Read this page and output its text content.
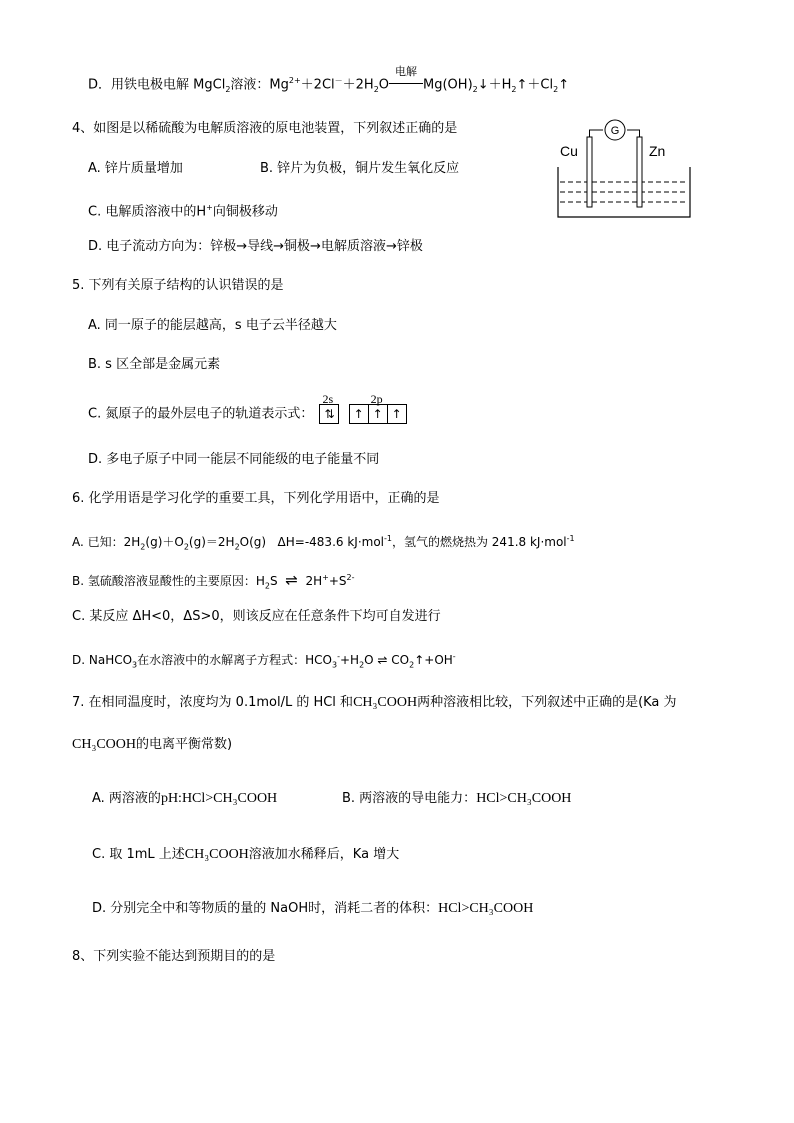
D．用铁电极电解 MgCl$_2$溶液：$Mg^{2+}+2Cl^-+2H_2O$
电解
$Mg(OH)_2↓+H_2↑+Cl_2↑$
4、如图是以稀硫酸为电解质溶液的原电池装置，下列叙述正确的是
A. 锌片质量增加	B. 锌片为负极，铜片发生氧化反应
C. 电解质溶液中的H+向铜极移动
D. 电子流动方向为：锌极→导线→铜极→电解质溶液→锌极
G
Cu	Zn
5. 下列有关原子结构的认识错误的是
A. 同一原子的能层越高，s 电子云半径越大
B. s 区全部是金属元素
C. 氮原子的最外层电子的轨道表示式：
2s
⇅
2p
↑ ↑ ↑
D. 多电子原子中同一能层不同能级的电子能量不同
6. 化学用语是学习化学的重要工具，下列化学用语中，正确的是
A. 已知：$2H_2(g)+O_2(g)=2H_2O(g)$ ΔH=-483.6 kJ·mol$^{-1}$，氢气的燃烧热为 241.8 kJ·mol$^{-1}$
B. 氢硫酸溶液显酸性的主要原因：$H_2S$ ⇌ $2H^++S^{2-}$
C. 某反应 ΔH<0，ΔS>0，则该反应在任意条件下均可自发进行
D. NaHCO$_3$在水溶液中的水解离子方程式：$HCO_3^-+H_2O$ ⇌ $CO_2↑+OH^-$
7. 在相同温度时，浓度均为 0.1mol/L 的 HCl 和CH₃COOH两种溶液相比较，下列叙述中正确的是(Ka 为
CH₃COOH的电离平衡常数)
A. 两溶液的pH:HCl>CH₃COOH	B. 两溶液的导电能力：HCl>CH₃COOH
C. 取 1mL 上述CH₃COOH溶液加水稀释后，Ka 增大
D. 分别完全中和等物质的量的 NaOH时，消耗二者的体积：HCl>CH₃COOH
8、下列实验不能达到预期目的的是
